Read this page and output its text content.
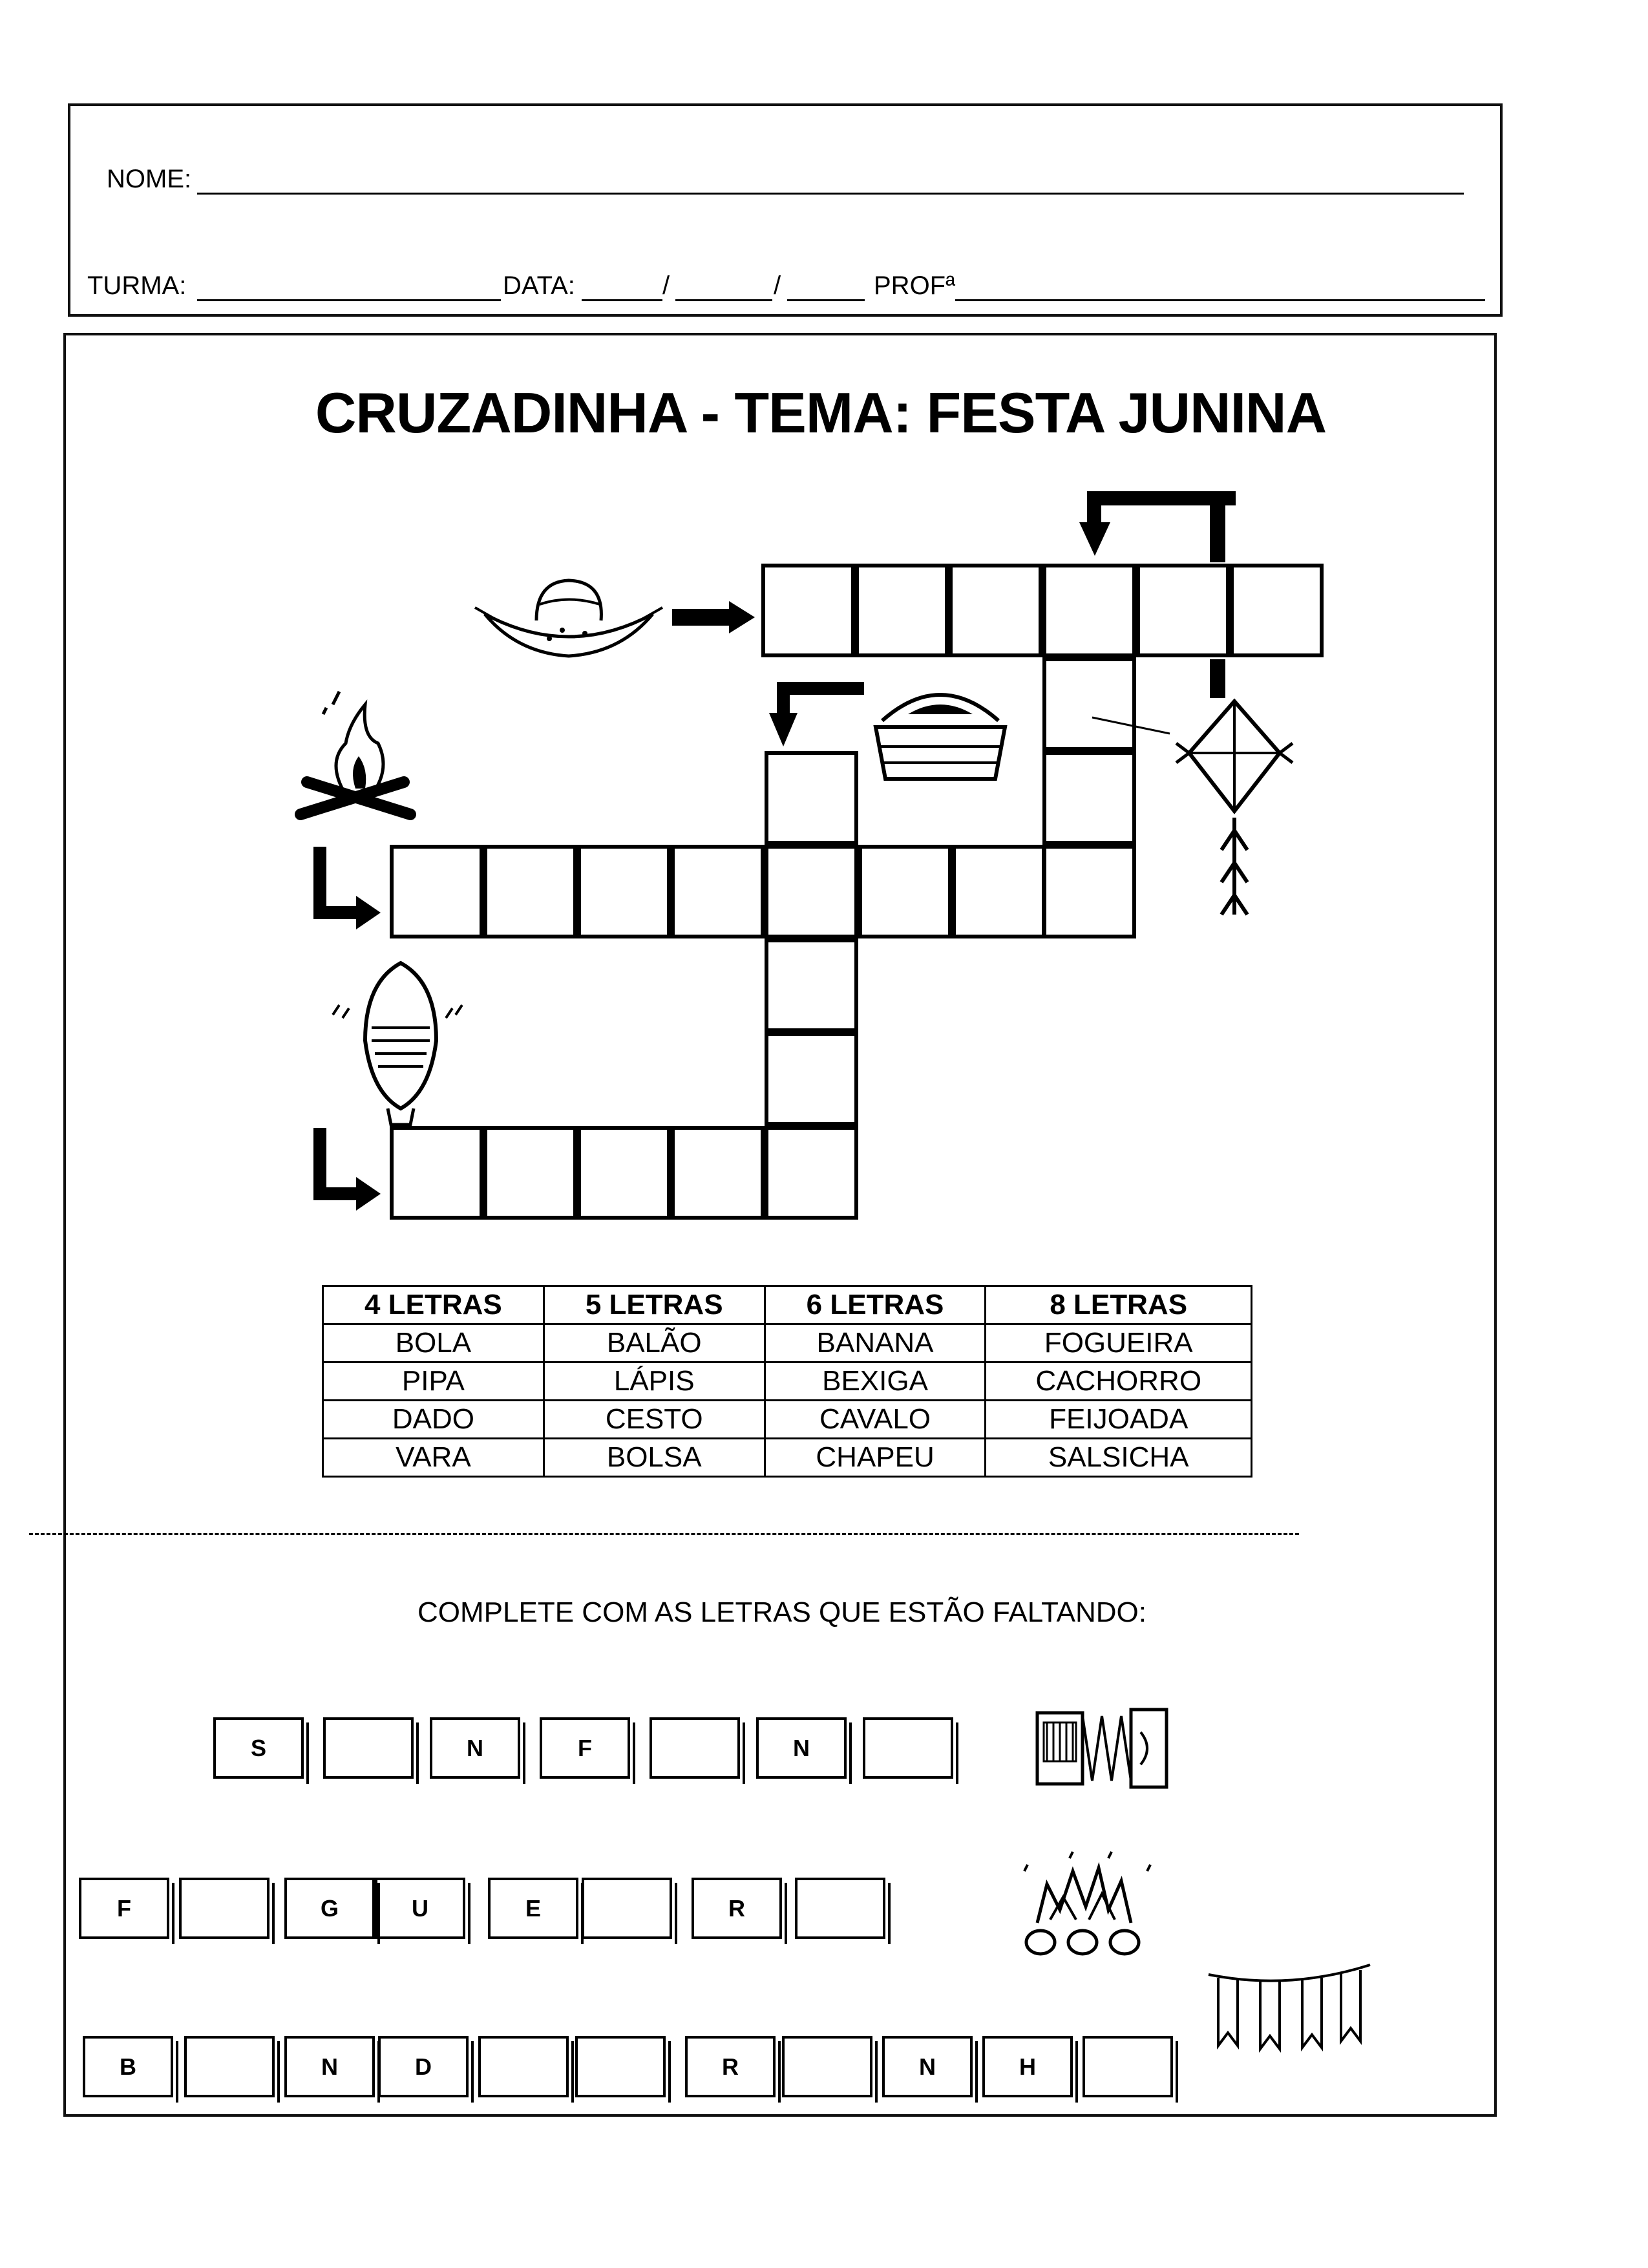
NOME:
TURMA:	DATA:	/	/	PROFª
CRUZADINHA - TEMA: FESTA JUNINA
4 LETRAS	5 LETRAS	6 LETRAS	8 LETRAS
BOLA	BALÃO	BANANA	FOGUEIRA
PIPA	LÁPIS	BEXIGA	CACHORRO
DADO	CESTO	CAVALO	FEIJOADA
VARA	BOLSA	CHAPEU	SALSICHA
COMPLETE COM AS LETRAS QUE ESTÃO FALTANDO:
S	N	F	N
F	G	U	E	R
B	N	D	R	N	H
